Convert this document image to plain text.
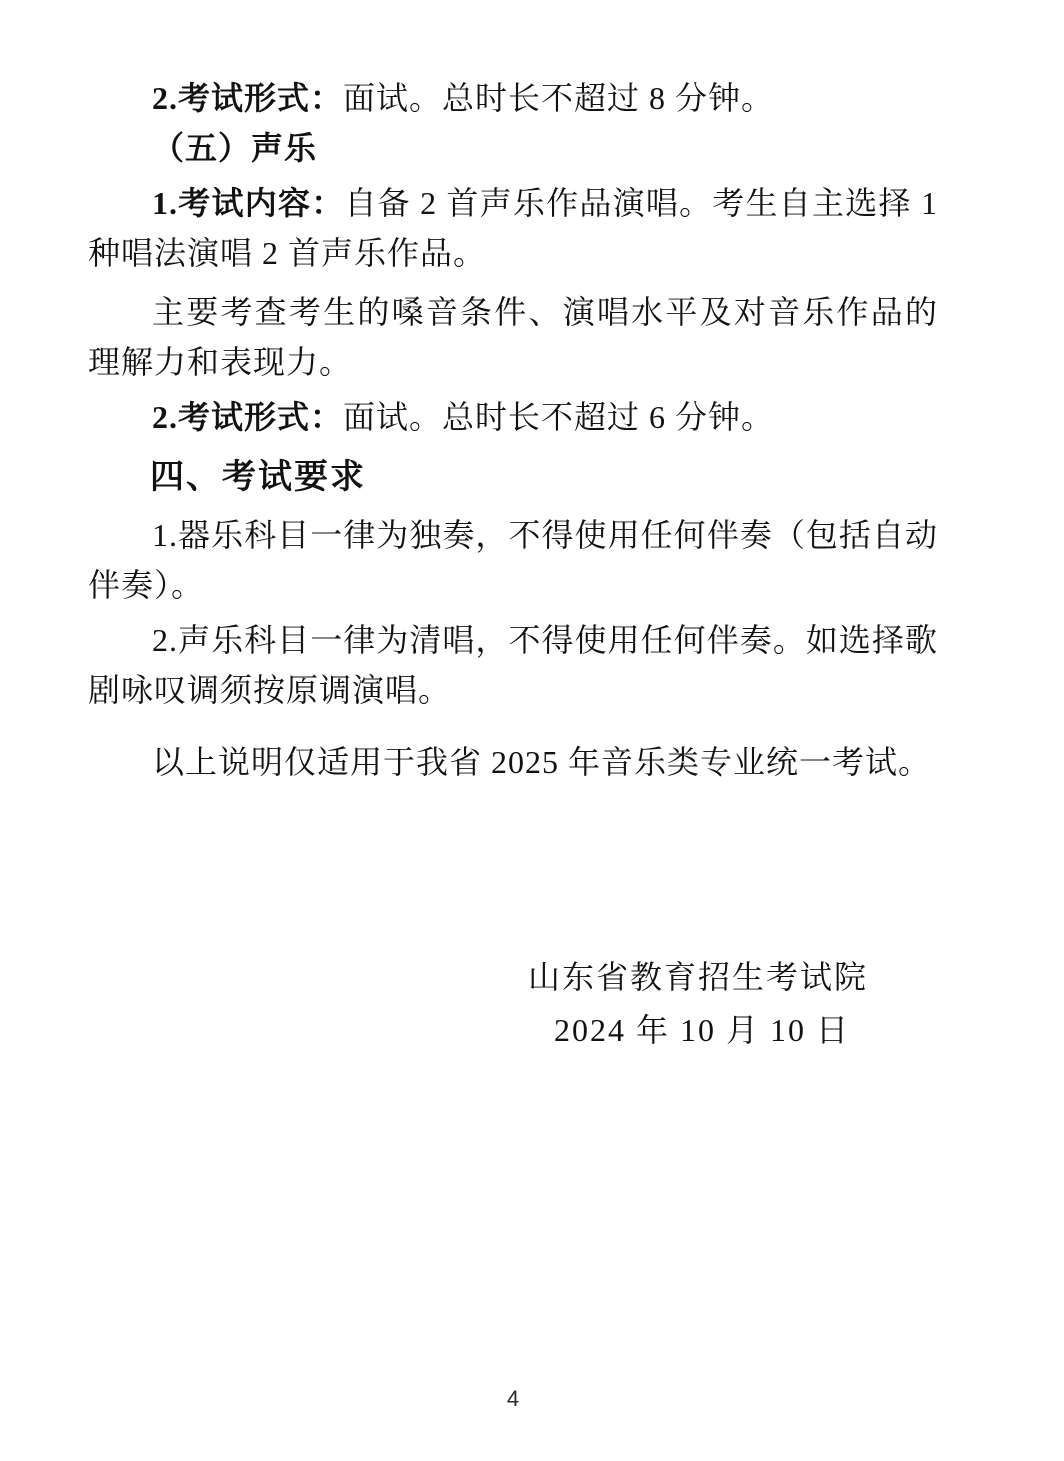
2.考试形式：面试。总时长不超过 8 分钟。

（五）声乐

1.考试内容：自备 2 首声乐作品演唱。考生自主选择 1 种唱法演唱 2 首声乐作品。

主要考查考生的嗓音条件、演唱水平及对音乐作品的理解力和表现力。

2.考试形式：面试。总时长不超过 6 分钟。

四、考试要求

1.器乐科目一律为独奏，不得使用任何伴奏（包括自动伴奏）。

2.声乐科目一律为清唱，不得使用任何伴奏。如选择歌剧咏叹调须按原调演唱。

以上说明仅适用于我省 2025 年音乐类专业统一考试。

山东省教育招生考试院

2024 年 10 月 10 日

4
